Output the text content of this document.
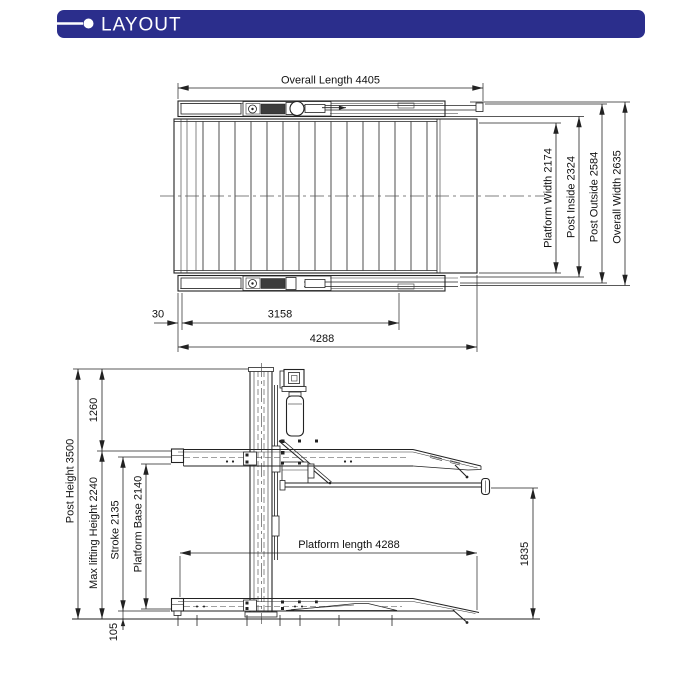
LAYOUT
Overall Length 4405
Platform Width 2174 Post Inside 2324 Post Outside 2584 Overall Width 2635
30	3158
4288
Post Height 3500
1260
Max lifting Height 2240 Stroke 2135 Platform Base 2140
105
1835
Platform length 4288
